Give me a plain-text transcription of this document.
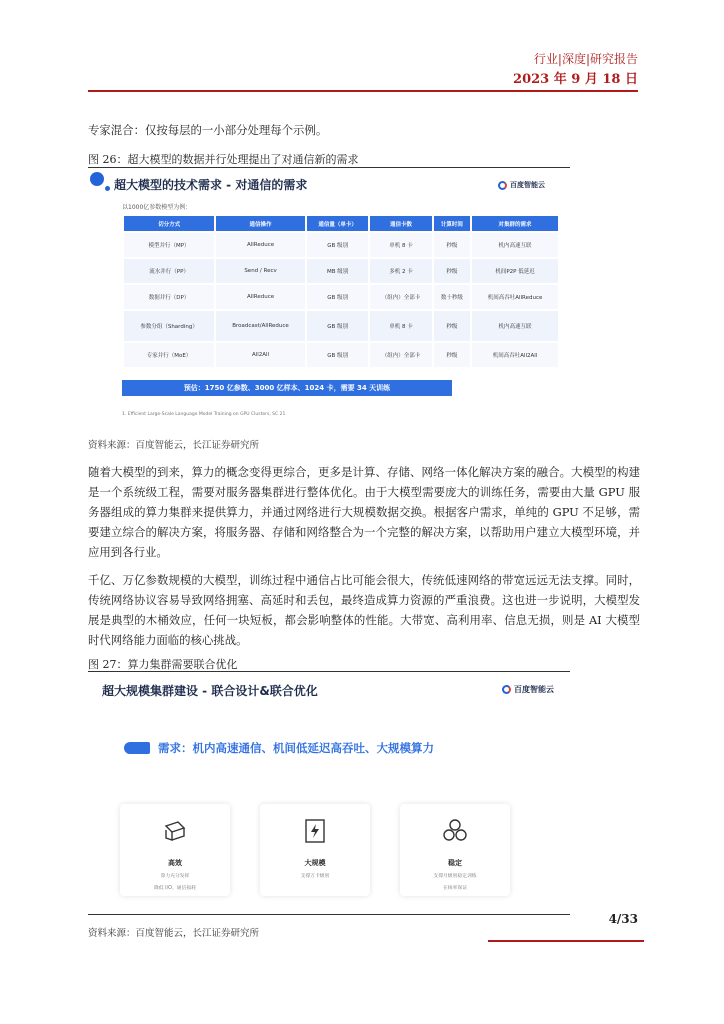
行业|深度|研究报告
2023 年 9 月 18 日
专家混合：仅按每层的一小部分处理每个示例。
图 26：超大模型的数据并行处理提出了对通信新的需求
超大模型的技术需求 - 对通信的需求	百度智能云
以1000亿参数模型为例：
切分方式	通信操作	通信量（单卡）	通信卡数	计算时间	对集群的需求
模型并行（MP）	AllReduce	GB 级别	单机 8 卡	秒级	机内高速互联
流水并行（PP）	Send / Recv	MB 级别	多机 2 卡	秒级	机间P2P 低延迟
数据并行（DP）	AllReduce	GB 级别	（组内）全部卡	数十秒级	机间高吞吐AllReduce
参数分组（Sharding）	Broadcast/AllReduce	GB 级别	单机 8 卡	秒级	机内高速互联
专家并行（MoE）	All2All	GB 级别	（组内）全部卡	秒级	机间高吞吐All2All
预估：1750 亿参数、3000 亿样本、1024 卡，需要 34 天训练
1. Efficient Large-Scale Language Model Training on GPU Clusters, SC 21
资料来源：百度智能云，长江证券研究所
随着大模型的到来，算力的概念变得更综合，更多是计算、存储、网络一体化解决方案的融合。大模型的构建是一个系统级工程，需要对服务器集群进行整体优化。由于大模型需要庞大的训练任务，需要由大量 GPU 服务器组成的算力集群来提供算力，并通过网络进行大规模数据交换。根据客户需求，单纯的 GPU 不足够，需要建立综合的解决方案，将服务器、存储和网络整合为一个完整的解决方案，以帮助用户建立大模型环境，并应用到各行业。
千亿、万亿参数规模的大模型，训练过程中通信占比可能会很大，传统低速网络的带宽远远无法支撑。同时，传统网络协议容易导致网络拥塞、高延时和丢包，最终造成算力资源的严重浪费。这也进一步说明，大模型发展是典型的木桶效应，任何一块短板，都会影响整体的性能。大带宽、高利用率、信息无损，则是 AI 大模型时代网络能力面临的核心挑战。
图 27：算力集群需要联合优化
超大规模集群建设 - 联合设计&联合优化	百度智能云
需求：机内高速通信、机间低延迟高吞吐、大规模算力
高效
算力充分发挥
降低 I/O、通信损耗
大规模
支撑万卡级别
稳定
支撑月级别稳定训练
在线率保证
4/33
资料来源：百度智能云，长江证券研究所
